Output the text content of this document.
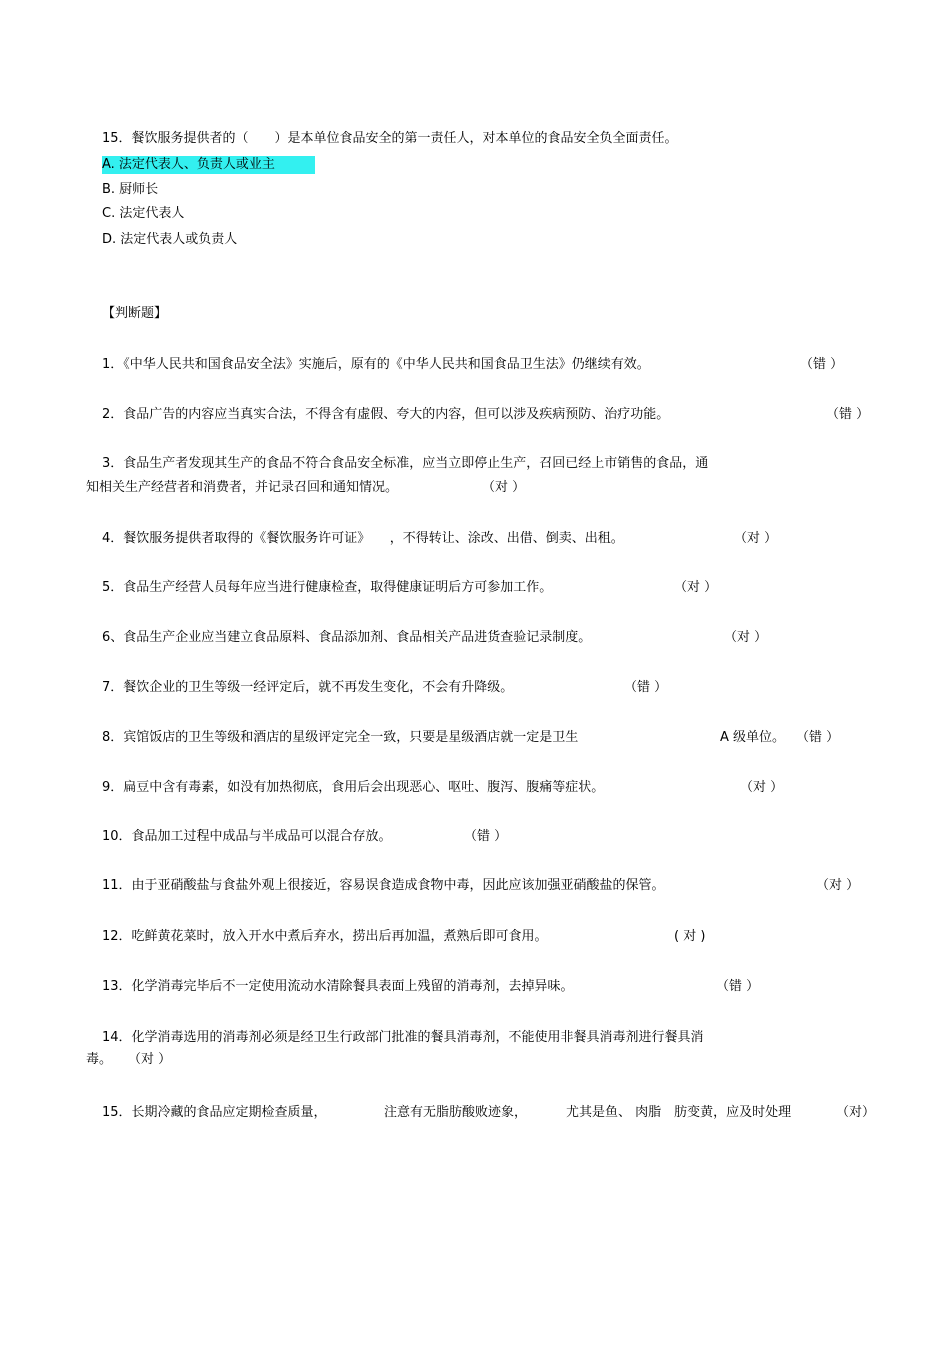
15．餐饮服务提供者的（　　）是本单位食品安全的第一责任人，对本单位的食品安全负全面责任。
A. 法定代表人、负责人或业主
B. 厨师长
C. 法定代表人
D. 法定代表人或负责人
【判断题】
1．《中华人民共和国食品安全法》实施后，原有的《中华人民共和国食品卫生法》仍继续有效。	（错 ）
2．食品广告的内容应当真实合法，不得含有虚假、夸大的内容，但可以涉及疾病预防、治疗功能。	（错 ）
3．食品生产者发现其生产的食品不符合食品安全标准，应当立即停止生产，召回已经上市销售的食品，通
知相关生产经营者和消费者，并记录召回和通知情况。	（对 ）
4．餐饮服务提供者取得的《餐饮服务许可证》　　，不得转让、涂改、出借、倒卖、出租。	（对 ）
5．食品生产经营人员每年应当进行健康检查，取得健康证明后方可参加工作。	（对 ）
6、食品生产企业应当建立食品原料、食品添加剂、食品相关产品进货查验记录制度。	（对 ）
7．餐饮企业的卫生等级一经评定后，就不再发生变化，不会有升降级。	（错 ）
8．宾馆饭店的卫生等级和酒店的星级评定完全一致，只要是星级酒店就一定是卫生	A 级单位。 （错 ）
9．扁豆中含有毒素，如没有加热彻底，食用后会出现恶心、呕吐、腹泻、腹痛等症状。	（对 ）
10．食品加工过程中成品与半成品可以混合存放。	（错 ）
11．由于亚硝酸盐与食盐外观上很接近，容易误食造成食物中毒，因此应该加强亚硝酸盐的保管。	（对 ）
12．吃鲜黄花菜时，放入开水中煮后弃水，捞出后再加温，煮熟后即可食用。	( 对 )
13．化学消毒完毕后不一定使用流动水清除餐具表面上残留的消毒剂，去掉异味。	（错 ）
14．化学消毒选用的消毒剂必须是经卫生行政部门批准的餐具消毒剂，不能使用非餐具消毒剂进行餐具消
毒。 （对 ）
15．长期冷藏的食品应定期检查质量，	注意有无脂肪酸败迹象，	尤其是鱼、 肉脂　肪变黄，应及时处理	（对）
